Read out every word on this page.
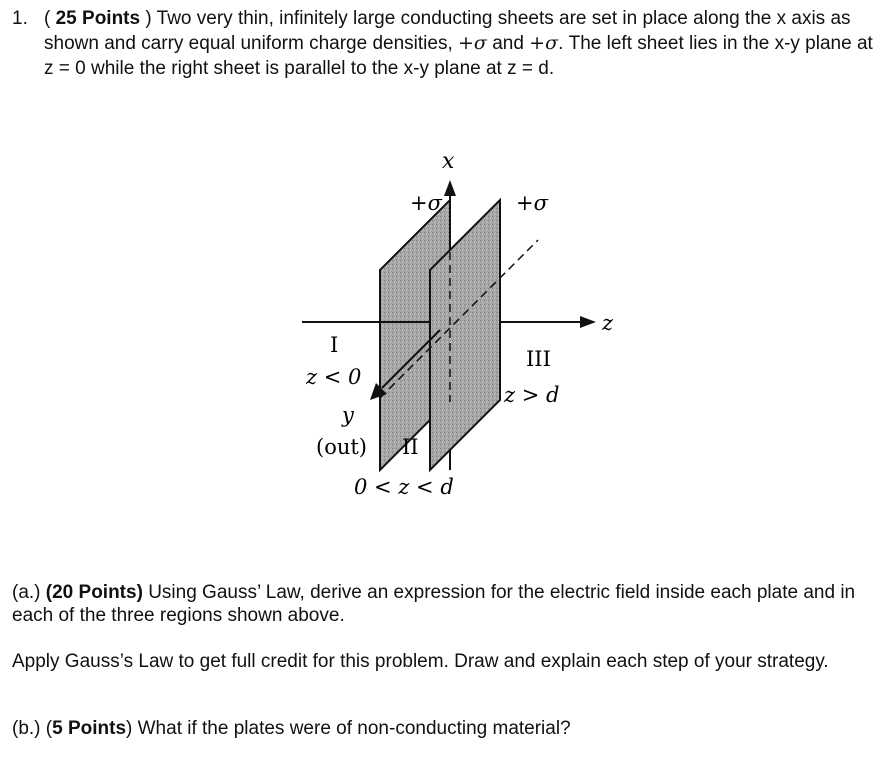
1. ( 25 Points ) Two very thin, infinitely large conducting sheets are set in place along the x axis as shown and carry equal uniform charge densities, +σ and +σ. The left sheet lies in the x-y plane at z = 0 while the right sheet is parallel to the x-y plane at z = d.
x
z
+σ	+σ
I
z < 0
III
z > d
y
(out) II
0 < z < d
(a.) (20 Points) Using Gauss’ Law, derive an expression for the electric field inside each plate and in each of the three regions shown above.
Apply Gauss’s Law to get full credit for this problem. Draw and explain each step of your strategy.
(b.) (5 Points) What if the plates were of non-conducting material?
